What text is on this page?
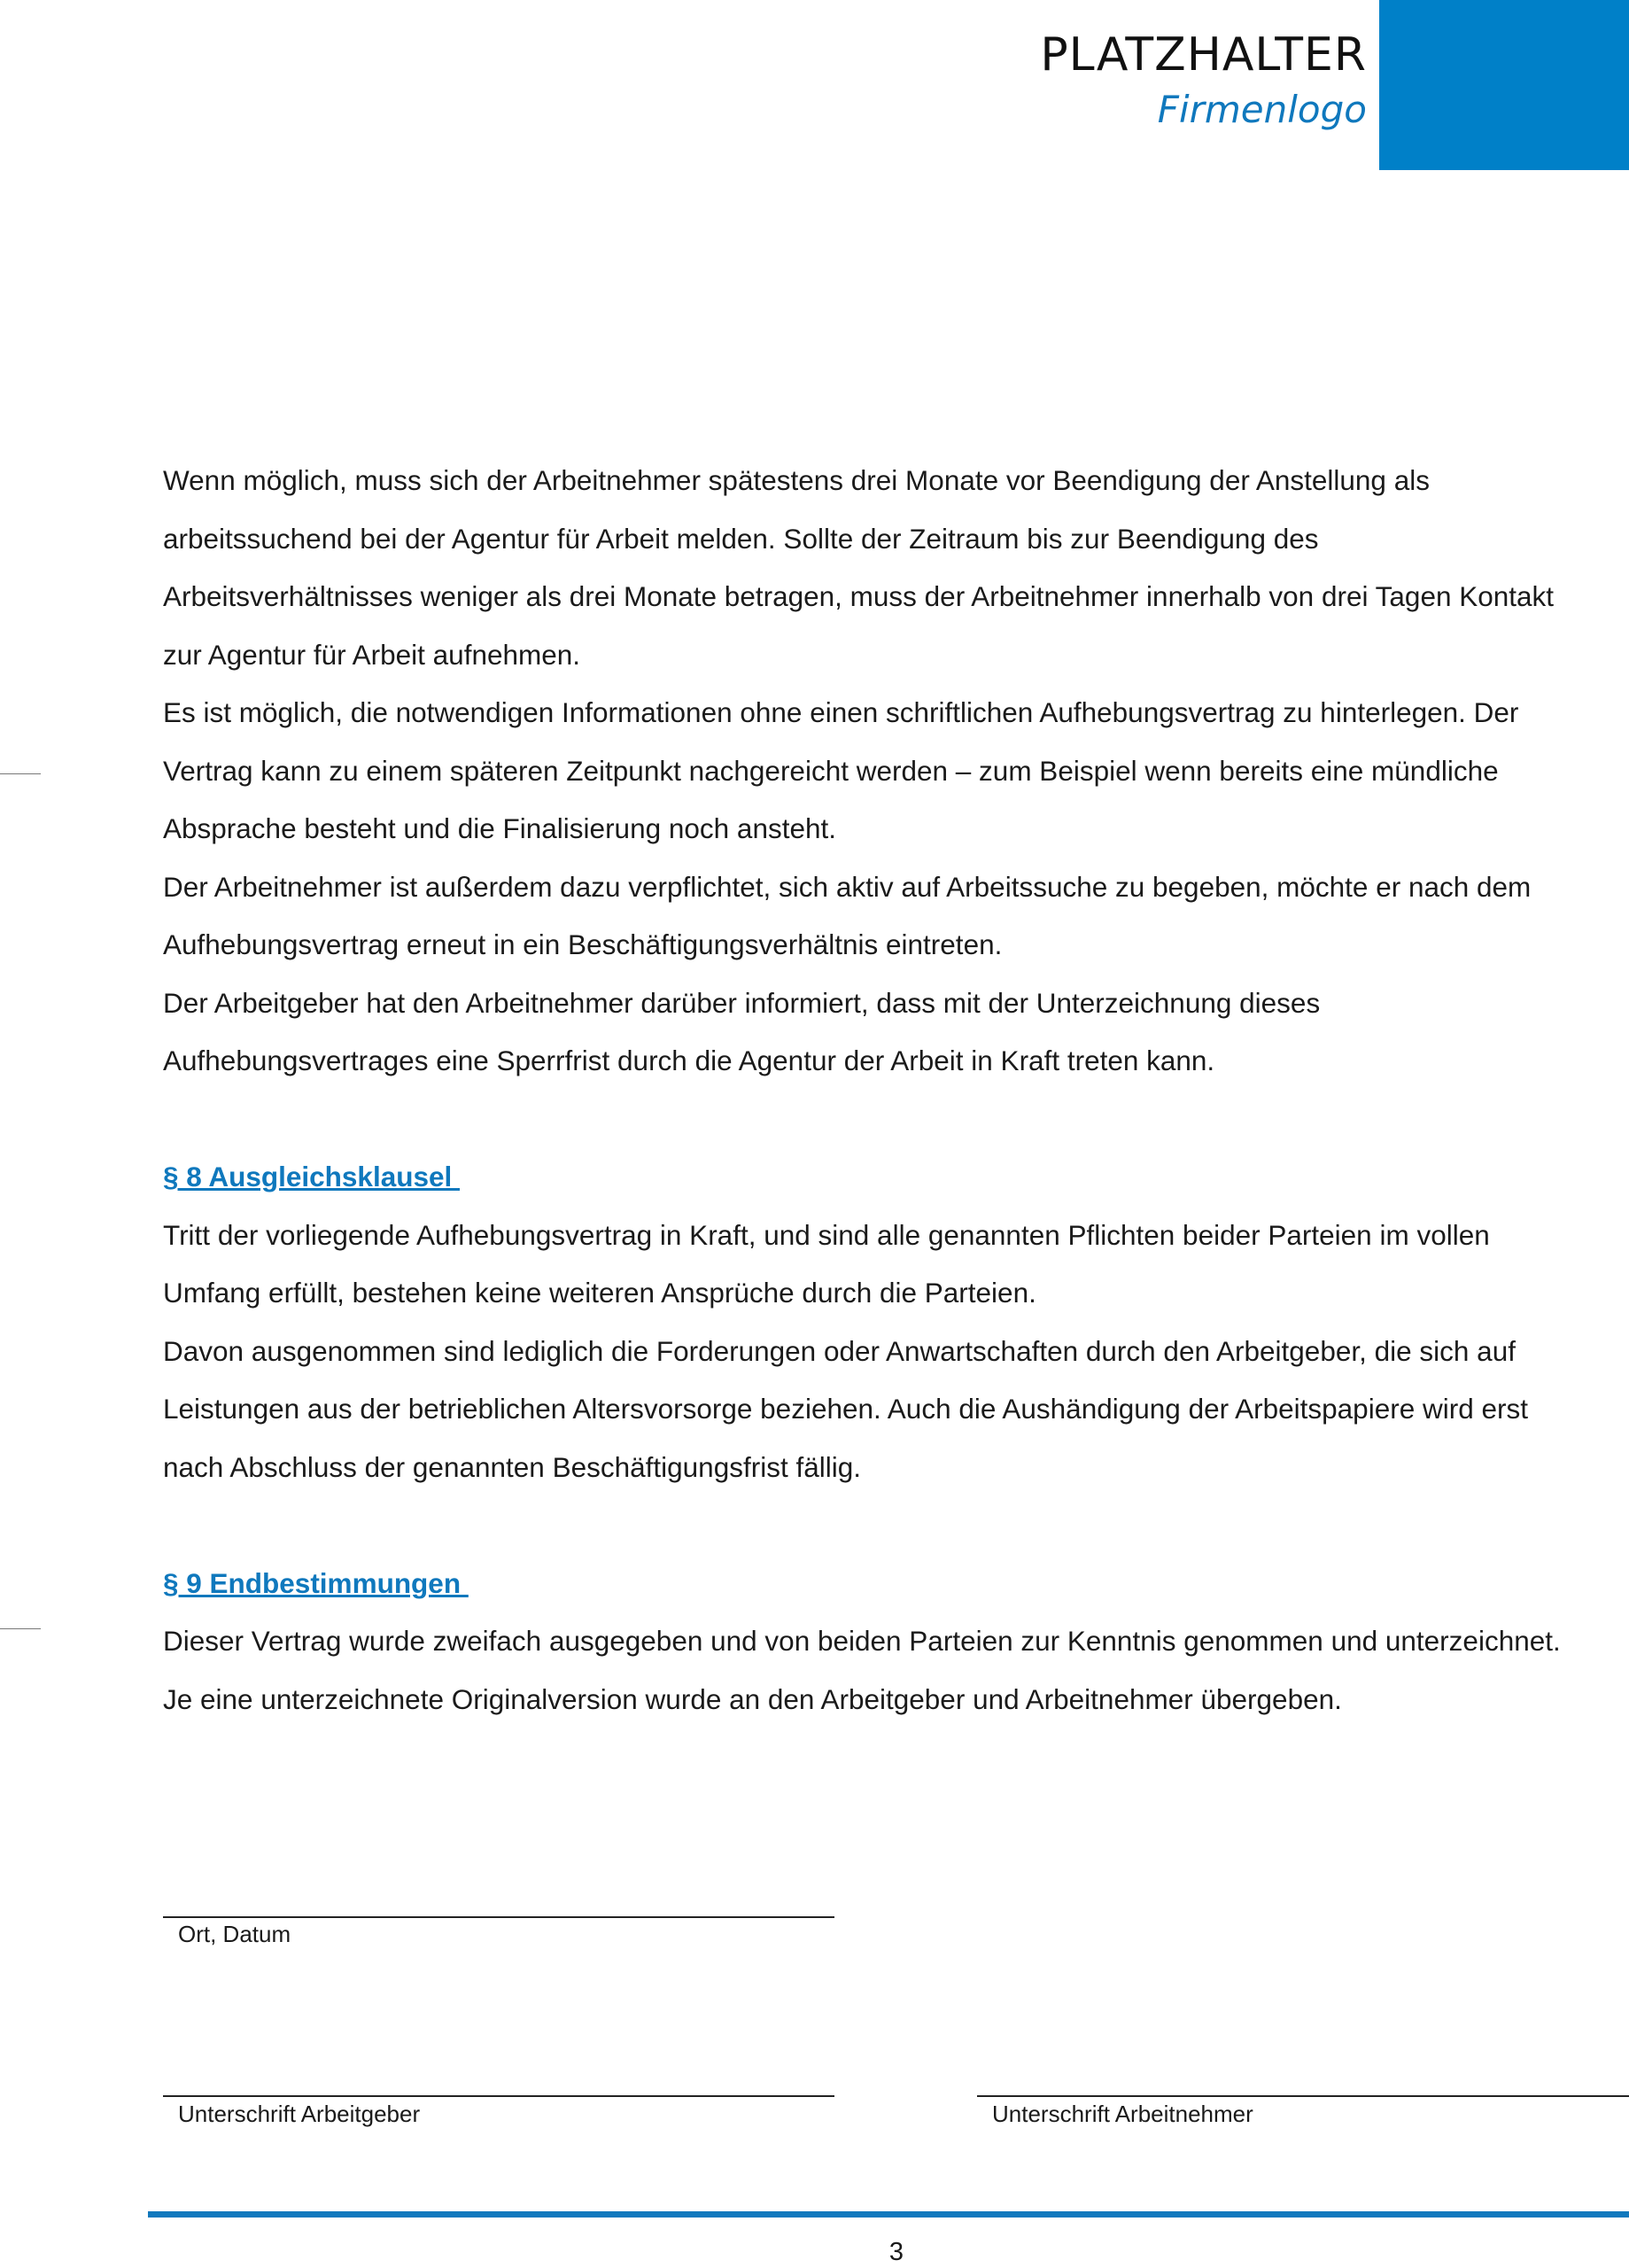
PLATZHALTER
Firmenlogo

Wenn möglich, muss sich der Arbeitnehmer spätestens drei Monate vor Beendigung der Anstellung als

arbeitssuchend bei der Agentur für Arbeit melden. Sollte der Zeitraum bis zur Beendigung des

Arbeitsverhältnisses weniger als drei Monate betragen, muss der Arbeitnehmer innerhalb von drei Tagen Kontakt

zur Agentur für Arbeit aufnehmen.

Es ist möglich, die notwendigen Informationen ohne einen schriftlichen Aufhebungsvertrag zu hinterlegen. Der

Vertrag kann zu einem späteren Zeitpunkt nachgereicht werden – zum Beispiel wenn bereits eine mündliche

Absprache besteht und die Finalisierung noch ansteht.

Der Arbeitnehmer ist außerdem dazu verpflichtet, sich aktiv auf Arbeitssuche zu begeben, möchte er nach dem

Aufhebungsvertrag erneut in ein Beschäftigungsverhältnis eintreten.

Der Arbeitgeber hat den Arbeitnehmer darüber informiert, dass mit der Unterzeichnung dieses

Aufhebungsvertrages eine Sperrfrist durch die Agentur der Arbeit in Kraft treten kann.

§ 8 Ausgleichsklausel

Tritt der vorliegende Aufhebungsvertrag in Kraft, und sind alle genannten Pflichten beider Parteien im vollen

Umfang erfüllt, bestehen keine weiteren Ansprüche durch die Parteien.

Davon ausgenommen sind lediglich die Forderungen oder Anwartschaften durch den Arbeitgeber, die sich auf

Leistungen aus der betrieblichen Altersvorsorge beziehen. Auch die Aushändigung der Arbeitspapiere wird erst

nach Abschluss der genannten Beschäftigungsfrist fällig.

§ 9 Endbestimmungen

Dieser Vertrag wurde zweifach ausgegeben und von beiden Parteien zur Kenntnis genommen und unterzeichnet.

Je eine unterzeichnete Originalversion wurde an den Arbeitgeber und Arbeitnehmer übergeben.

Ort, Datum
Unterschrift Arbeitgeber	Unterschrift Arbeitnehmer
3
